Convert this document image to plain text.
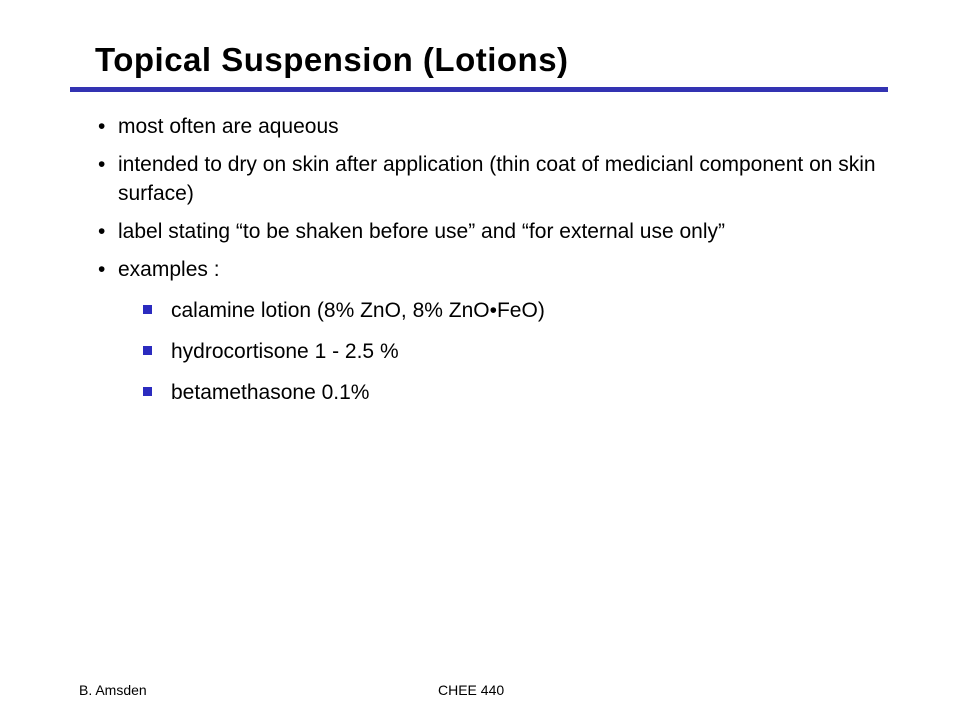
Topical Suspension (Lotions)
• most often are aqueous
• intended to dry on skin after application (thin coat of medicianl component on skin surface)
• label stating “to be shaken before use” and “for external use only”
• examples :
calamine lotion (8% ZnO, 8% ZnO•FeO)
hydrocortisone 1 - 2.5 %
betamethasone 0.1%
B. Amsden	CHEE 440
